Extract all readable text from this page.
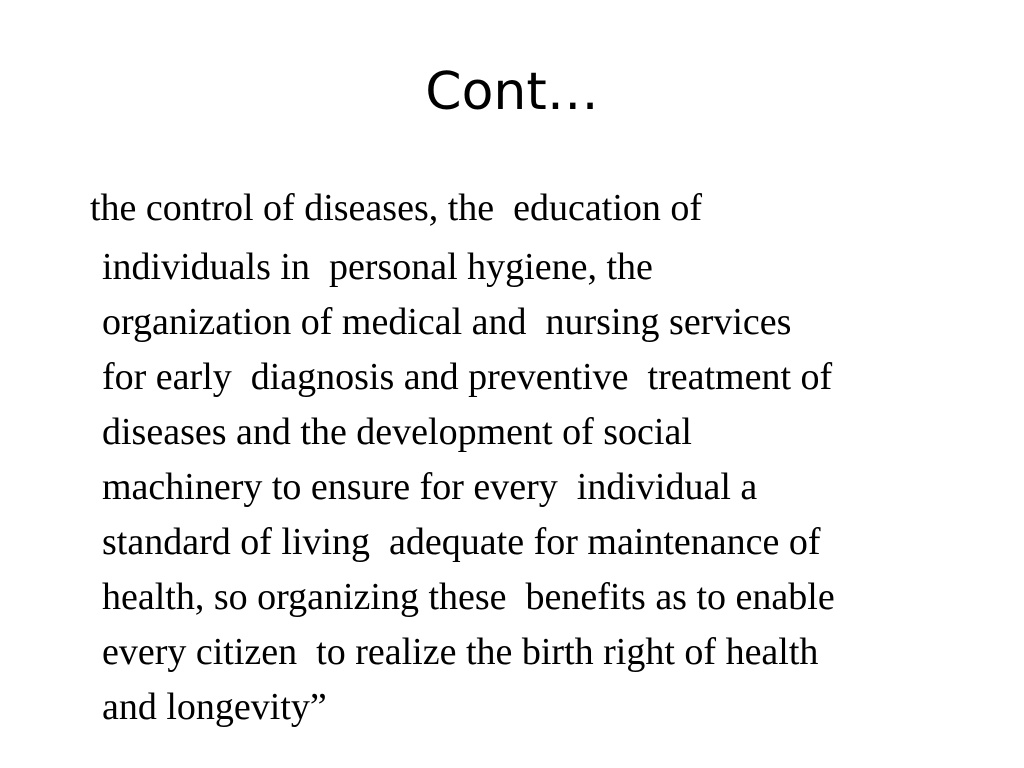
Cont…
the control of diseases, the  education of
individuals in  personal hygiene, the
organization of medical and  nursing services
for early  diagnosis and preventive  treatment of
diseases and the development of social
machinery to ensure for every  individual a
standard of living  adequate for maintenance of
health, so organizing these  benefits as to enable
every citizen  to realize the birth right of health
and longevity”
